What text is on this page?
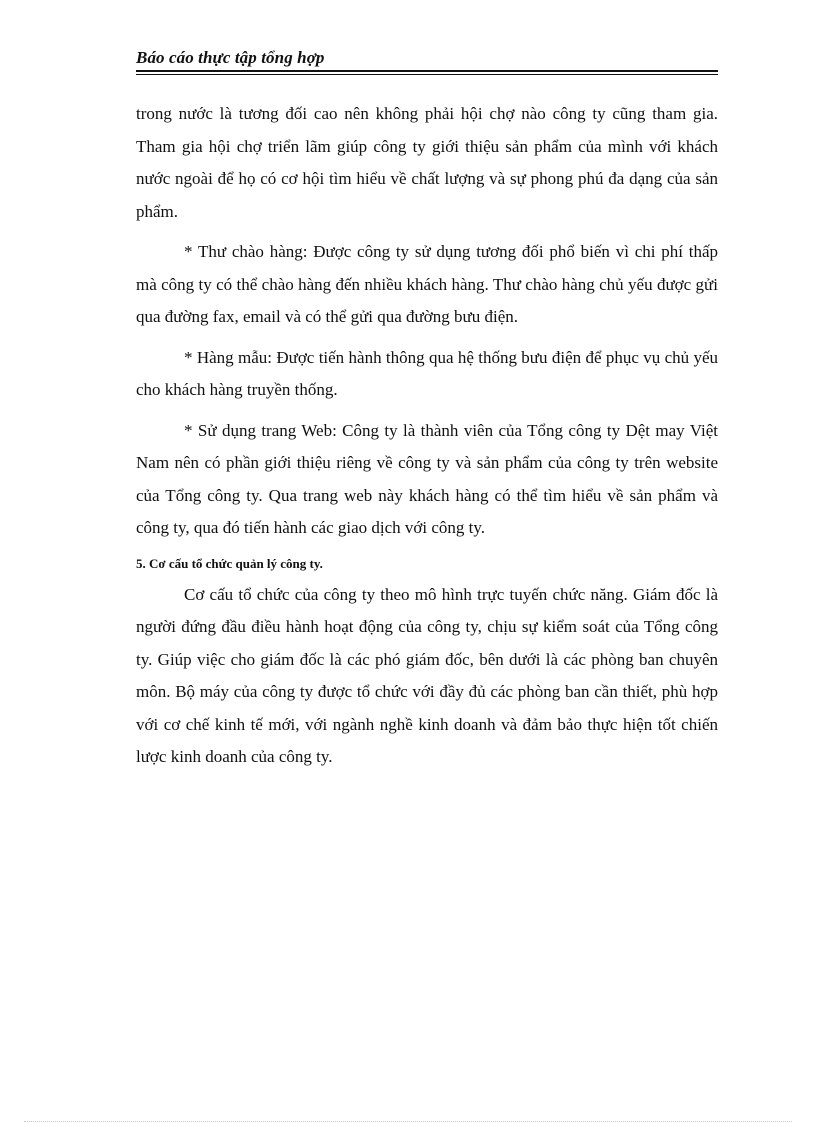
Báo cáo thực tập tổng hợp

trong nước là tương đối cao nên không phải hội chợ nào công ty cũng tham gia. Tham gia hội chợ triển lãm giúp công ty giới thiệu sản phẩm của mình với khách nước ngoài để họ có cơ hội tìm hiểu về chất lượng và sự phong phú đa dạng của sản phẩm.

* Thư chào hàng: Được công ty sử dụng tương đối phổ biến vì chi phí thấp mà công ty có thể chào hàng đến nhiều khách hàng. Thư chào hàng chủ yếu được gửi qua đường fax, email và có thể gửi qua đường bưu điện.

* Hàng mẫu: Được tiến hành thông qua hệ thống bưu điện để phục vụ chủ yếu cho khách hàng truyền thống.

* Sử dụng trang Web: Công ty là thành viên của Tổng công ty Dệt may Việt Nam nên có phần giới thiệu riêng về công ty và sản phẩm của công ty trên website của Tổng công ty. Qua trang web này khách hàng có thể tìm hiểu về sản phẩm và công ty, qua đó tiến hành các giao dịch với công ty.

5. Cơ cấu tổ chức quản lý công ty.

Cơ cấu tổ chức của công ty theo mô hình trực tuyến chức năng. Giám đốc là người đứng đầu điều hành hoạt động của công ty, chịu sự kiểm soát của Tổng công ty. Giúp việc cho giám đốc là các phó giám đốc, bên dưới là các phòng ban chuyên môn. Bộ máy của công ty được tổ chức với đầy đủ các phòng ban cần thiết, phù hợp với cơ chế kinh tế mới, với ngành nghề kinh doanh và đảm bảo thực hiện tốt chiến lược kinh doanh của công ty.
